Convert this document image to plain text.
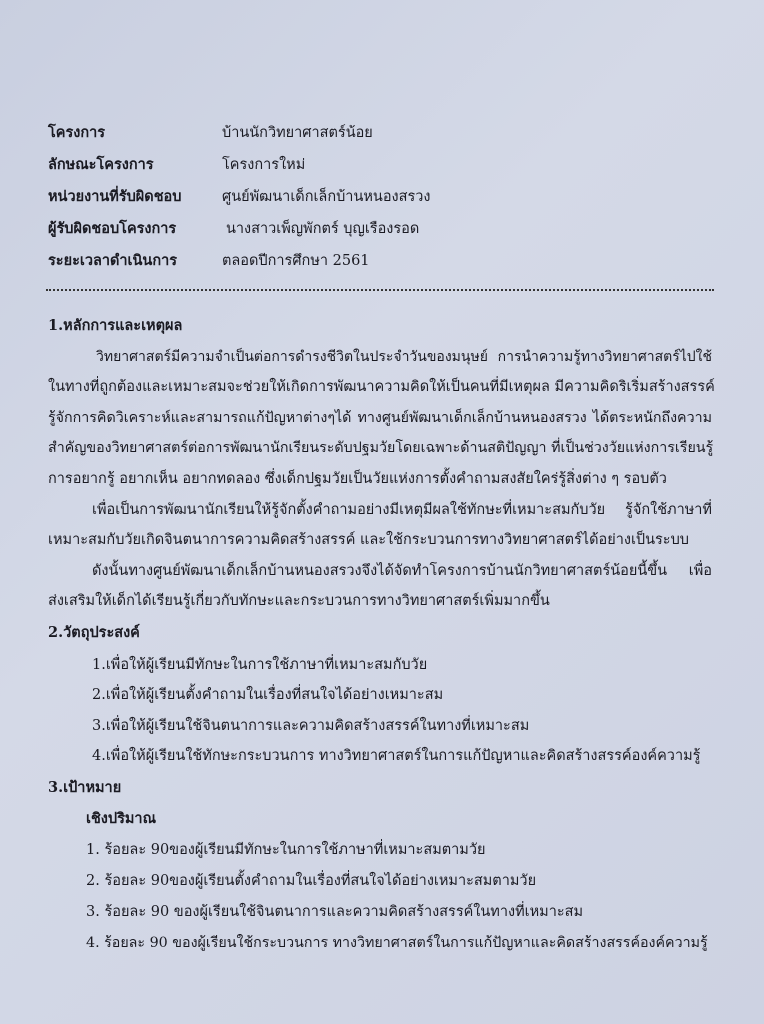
โครงการ	บ้านนักวิทยาศาสตร์น้อย
ลักษณะโครงการ	โครงการใหม่
หน่วยงานที่รับผิดชอบ	ศูนย์พัฒนาเด็กเล็กบ้านหนองสรวง
ผู้รับผิดชอบโครงการ	นางสาวเพ็ญพักตร์ บุญเรืองรอด
ระยะเวลาดำเนินการ	ตลอดปีการศึกษา 2561
1.หลักการและเหตุผล
วิทยาศาสตร์มีความจำเป็นต่อการดำรงชีวิตในประจำวันของมนุษย์ การนำความรู้ทางวิทยาศาสตร์ไปใช้
ในทางที่ถูกต้องและเหมาะสมจะช่วยให้เกิดการพัฒนาความคิดให้เป็นคนที่มีเหตุผล มีความคิดริเริ่มสร้างสรรค์
รู้จักการคิดวิเคราะห์และสามารถแก้ปัญหาต่างๆได้ ทางศูนย์พัฒนาเด็กเล็กบ้านหนองสรวง ได้ตระหนักถึงความ
สำคัญของวิทยาศาสตร์ต่อการพัฒนานักเรียนระดับปฐมวัยโดยเฉพาะด้านสติปัญญา ที่เป็นช่วงวัยแห่งการเรียนรู้
การอยากรู้ อยากเห็น อยากทดลอง ซึ่งเด็กปฐมวัยเป็นวัยแห่งการตั้งคำถามสงสัยใคร่รู้สิ่งต่าง ๆ รอบตัว
เพื่อเป็นการพัฒนานักเรียนให้รู้จักตั้งคำถามอย่างมีเหตุมีผลใช้ทักษะที่เหมาะสมกับวัย รู้จักใช้ภาษาที่
เหมาะสมกับวัยเกิดจินตนาการความคิดสร้างสรรค์ และใช้กระบวนการทางวิทยาศาสตร์ได้อย่างเป็นระบบ
ดังนั้นทางศูนย์พัฒนาเด็กเล็กบ้านหนองสรวงจึงได้จัดทำโครงการบ้านนักวิทยาศาสตร์น้อยนี้ขึ้น เพื่อ
ส่งเสริมให้เด็กได้เรียนรู้เกี่ยวกับทักษะและกระบวนการทางวิทยาศาสตร์เพิ่มมากขึ้น
2.วัตถุประสงค์
1.เพื่อให้ผู้เรียนมีทักษะในการใช้ภาษาที่เหมาะสมกับวัย
2.เพื่อให้ผู้เรียนตั้งคำถามในเรื่องที่สนใจได้อย่างเหมาะสม
3.เพื่อให้ผู้เรียนใช้จินตนาการและความคิดสร้างสรรค์ในทางที่เหมาะสม
4.เพื่อให้ผู้เรียนใช้ทักษะกระบวนการ ทางวิทยาศาสตร์ในการแก้ปัญหาและคิดสร้างสรรค์องค์ความรู้
3.เป้าหมาย
เชิงปริมาณ
1. ร้อยละ 90ของผู้เรียนมีทักษะในการใช้ภาษาที่เหมาะสมตามวัย
2. ร้อยละ 90ของผู้เรียนตั้งคำถามในเรื่องที่สนใจได้อย่างเหมาะสมตามวัย
3. ร้อยละ 90 ของผู้เรียนใช้จินตนาการและความคิดสร้างสรรค์ในทางที่เหมาะสม
4. ร้อยละ 90 ของผู้เรียนใช้กระบวนการ ทางวิทยาศาสตร์ในการแก้ปัญหาและคิดสร้างสรรค์องค์ความรู้
